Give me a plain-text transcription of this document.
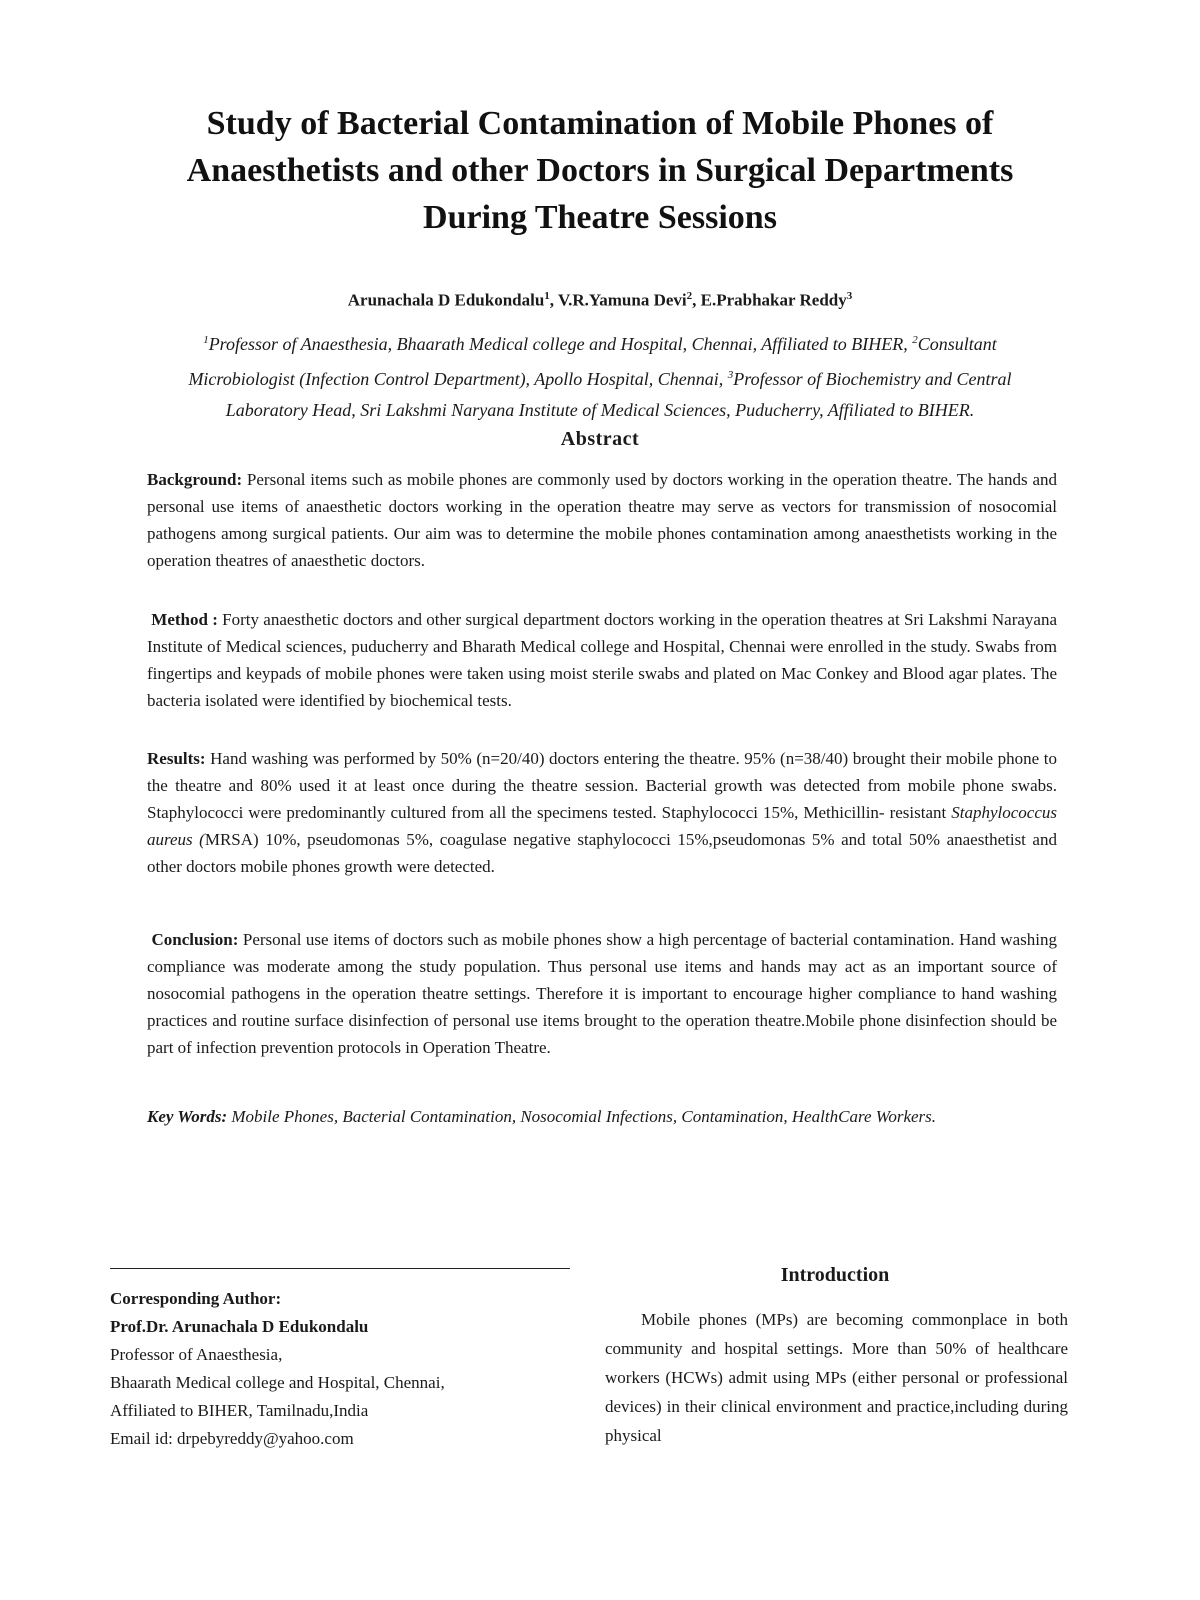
Study of Bacterial Contamination of Mobile Phones of
Anaesthetists and other Doctors in Surgical Departments
During Theatre Sessions
Arunachala D Edukondalu$^1$, V.R.Yamuna Devi$^2$, E.Prabhakar Reddy$^3$
$^1$Professor of Anaesthesia, Bhaarath Medical college and Hospital, Chennai, Affiliated to BIHER, $^2$Consultant
Microbiologist (Infection Control Department), Apollo Hospital, Chennai, $^3$Professor of Biochemistry and Central
Laboratory Head, Sri Lakshmi Naryana Institute of Medical Sciences, Puducherry, Affiliated to BIHER.
Abstract
Background: Personal items such as mobile phones are commonly used by doctors working in the operation theatre. The hands and personal use items of anaesthetic doctors working in the operation theatre may serve as vectors for transmission of nosocomial pathogens among surgical patients. Our aim was to determine the mobile phones contamination among anaesthetists working in the operation theatres of anaesthetic doctors.
Method : Forty anaesthetic doctors and other surgical department doctors working in the operation theatres at Sri Lakshmi Narayana Institute of Medical sciences, puducherry and Bharath Medical college and Hospital, Chennai were enrolled in the study. Swabs from fingertips and keypads of mobile phones were taken using moist sterile swabs and plated on Mac Conkey and Blood agar plates. The bacteria isolated were identified by biochemical tests.
Results: Hand washing was performed by 50% (n=20/40) doctors entering the theatre. 95% (n=38/40) brought their mobile phone to the theatre and 80% used it at least once during the theatre session. Bacterial growth was detected from mobile phone swabs. Staphylococci were predominantly cultured from all the specimens tested. Staphylococci 15%, Methicillin- resistant Staphylococcus aureus (MRSA) 10%, pseudomonas 5%, coagulase negative staphylococci 15%,pseudomonas 5% and total 50% anaesthetist and other doctors mobile phones growth were detected.
Conclusion: Personal use items of doctors such as mobile phones show a high percentage of bacterial contamination. Hand washing compliance was moderate among the study population. Thus personal use items and hands may act as an important source of nosocomial pathogens in the operation theatre settings. Therefore it is important to encourage higher compliance to hand washing practices and routine surface disinfection of personal use items brought to the operation theatre.Mobile phone disinfection should be part of infection prevention protocols in Operation Theatre.
Key Words: Mobile Phones, Bacterial Contamination, Nosocomial Infections, Contamination, HealthCare Workers.
Corresponding Author:
Prof.Dr. Arunachala D Edukondalu
Professor of Anaesthesia,
Bhaarath Medical college and Hospital, Chennai,
Affiliated to BIHER, Tamilnadu,India
Email id: drpebyreddy@yahoo.com
Introduction
Mobile phones (MPs) are becoming commonplace in both community and hospital settings. More than 50% of healthcare workers (HCWs) admit using MPs (either personal or professional devices) in their clinical environment and practice,including during physical
